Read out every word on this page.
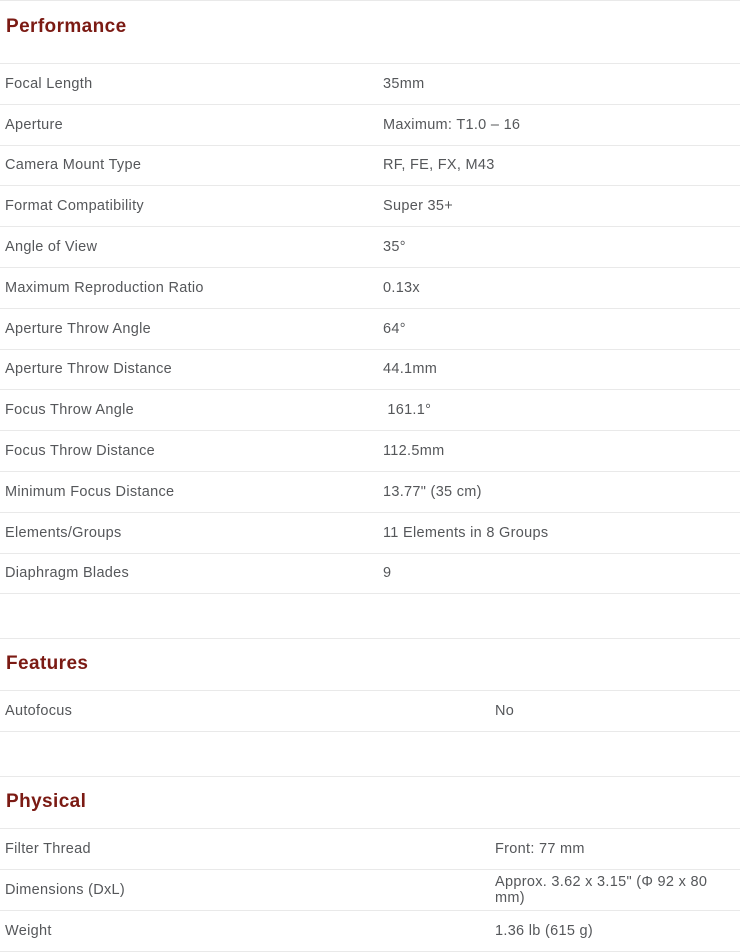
Performance
Focal Length	35mm
Aperture	Maximum: T1.0 – 16
Camera Mount Type	RF, FE, FX, M43
Format Compatibility	Super 35+
Angle of View	35°
Maximum Reproduction Ratio	0.13x
Aperture Throw Angle	64°
Aperture Throw Distance	44.1mm
Focus Throw Angle	161.1°
Focus Throw Distance	112.5mm
Minimum Focus Distance	13.77" (35 cm)
Elements/Groups	11 Elements in 8 Groups
Diaphragm Blades	9
Features
Autofocus	No
Physical
Filter Thread	Front: 77 mm
Dimensions (DxL)	Approx. 3.62 x 3.15" (Φ 92 x 80 mm)
Weight	1.36 lb (615 g)
